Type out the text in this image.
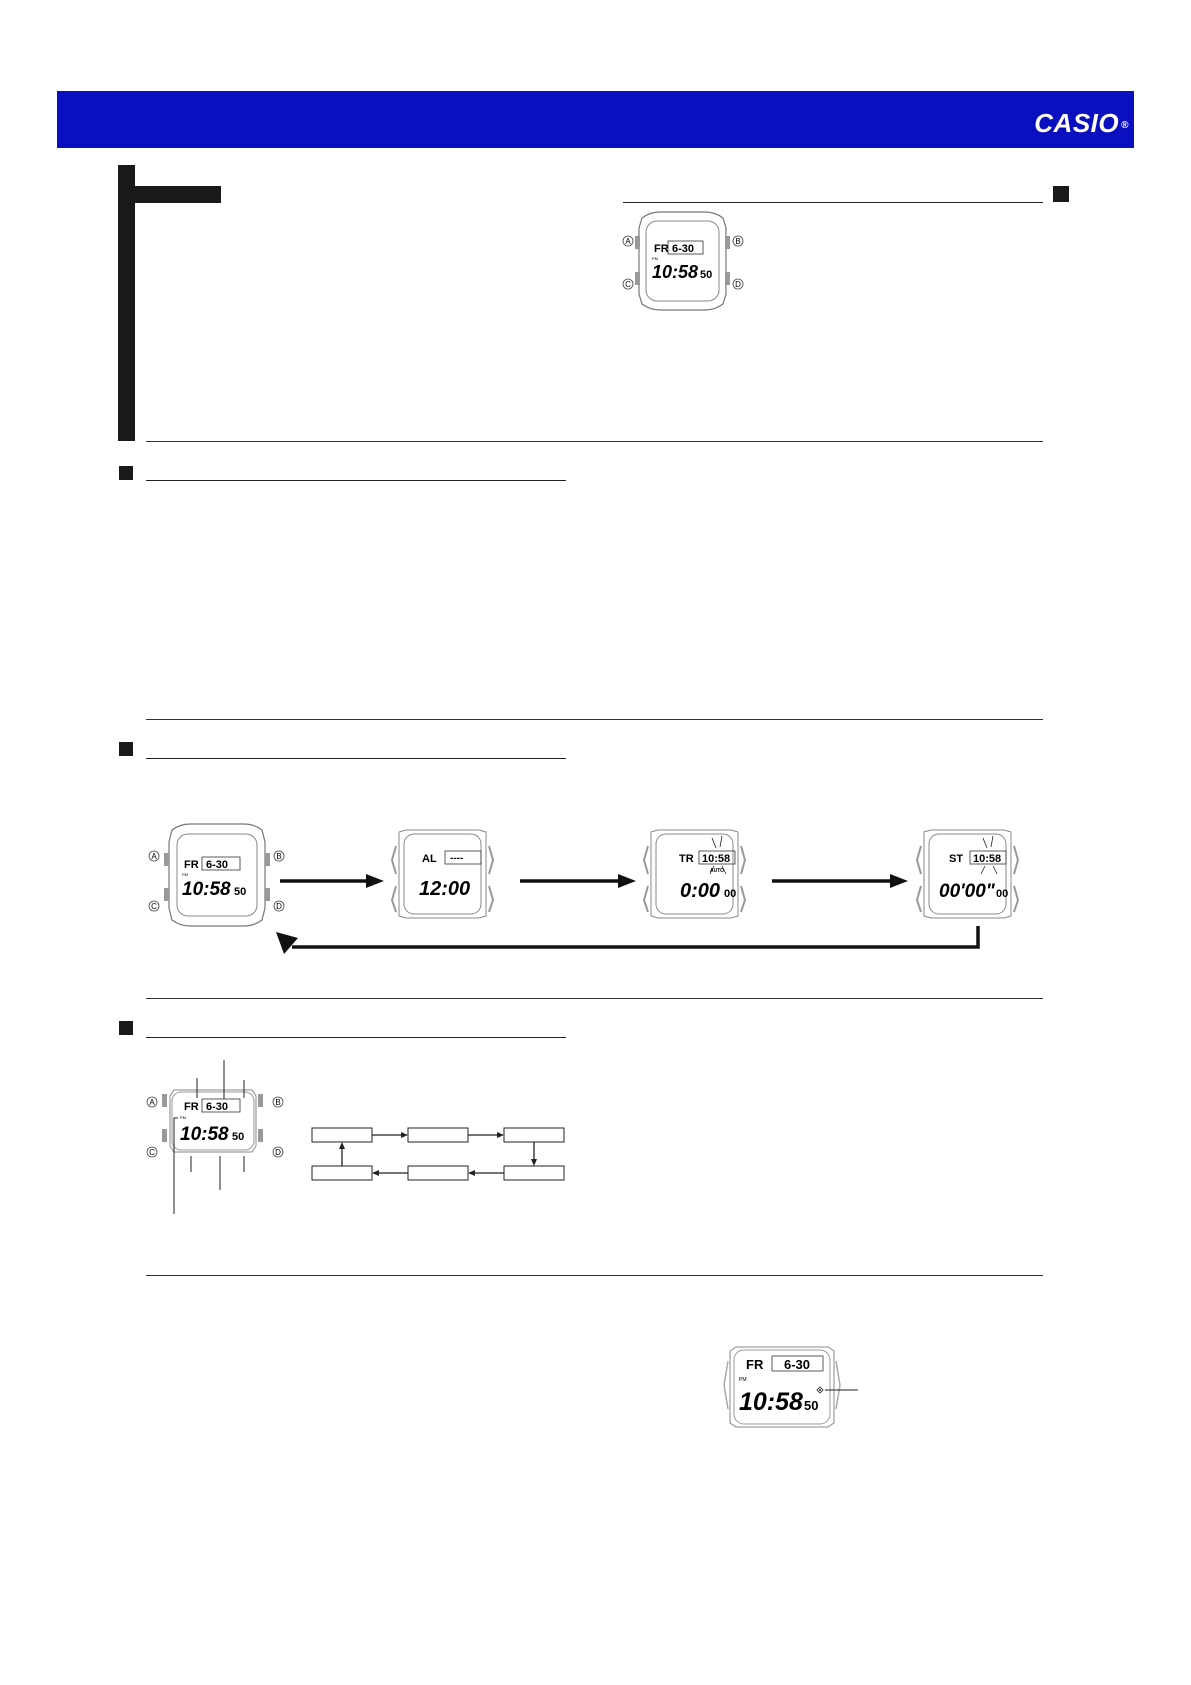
CASIO ®
A	B
C	D
FR 6-30
PM
10:58 50
A	B
C	D
FR 6-30
PM
10:58 50
AL ----
12:00
TR 10:58
AUTO
0:00 00
ST 10:58
00'00" 00
A	B
C	D
FR 6-30
PM
10:58 50
FR 6-30
PM
10:58 50
